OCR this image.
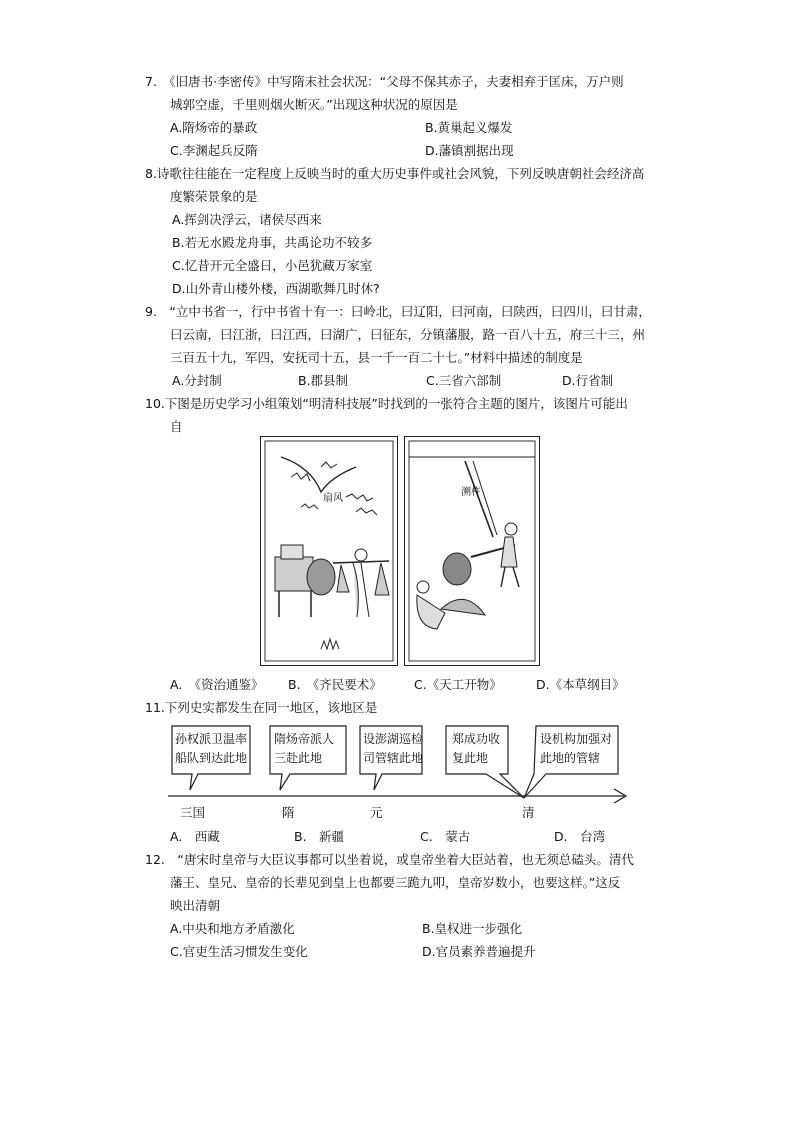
7.　《旧唐书·李密传》中写隋末社会状况：“父母不保其赤子，夫妻相弃于匡床，万户则
城郭空虚，千里则烟火断灭。”出现这种状况的原因是
A.隋炀帝的暴政	B.黄巢起义爆发
C.李渊起兵反隋	D.藩镇割据出现
8.诗歌往往能在一定程度上反映当时的重大历史事件或社会风貌，下列反映唐朝社会经济高
度繁荣景象的是
A.挥剑决浮云，诸侯尽西来
B.若无水殿龙舟事，共禹论功不较多
C.忆昔开元全盛日，小邑犹藏万家室
D.山外青山楼外楼，西湖歌舞几时休?
9.　“立中书省一，行中书省十有一：曰岭北，曰辽阳，曰河南，曰陕西，曰四川，曰甘肃，
曰云南，曰江浙，曰江西，曰湖广，曰征东，分镇藩服，路一百八十五，府三十三，州
三百五十九，军四，安抚司十五，县一千一百二十七。”材料中描述的制度是
A.分封制	B.郡县制	C.三省六部制	D.行省制
10.下图是历史学习小组策划“明清科技展”时找到的一张符合主题的图片，该图片可能出
自
扇风
溯杵
A.　《资治通鉴》 B.　《齐民要术》	C.《天工开物》	D.《本草纲目》
11.下列史实都发生在同一地区，该地区是
孙权派卫温率
船队到达此地
隋炀帝派人
三赴此地
设澎湖巡检
司管辖此地
郑成功收
复此地
设机构加强对
此地的管辖
三国	隋	元	清
A.　西藏	B.　新疆	C.　蒙古	D.　台湾
12.　“唐宋时皇帝与大臣议事都可以坐着说，或皇帝坐着大臣站着，也无须总磕头。清代
藩王、皇兄、皇帝的长辈见到皇上也都要三跪九叩，皇帝岁数小，也要这样。”这反
映出清朝
A.中央和地方矛盾激化	B.皇权进一步强化
C.官吏生活习惯发生变化	D.官员素养普遍提升
